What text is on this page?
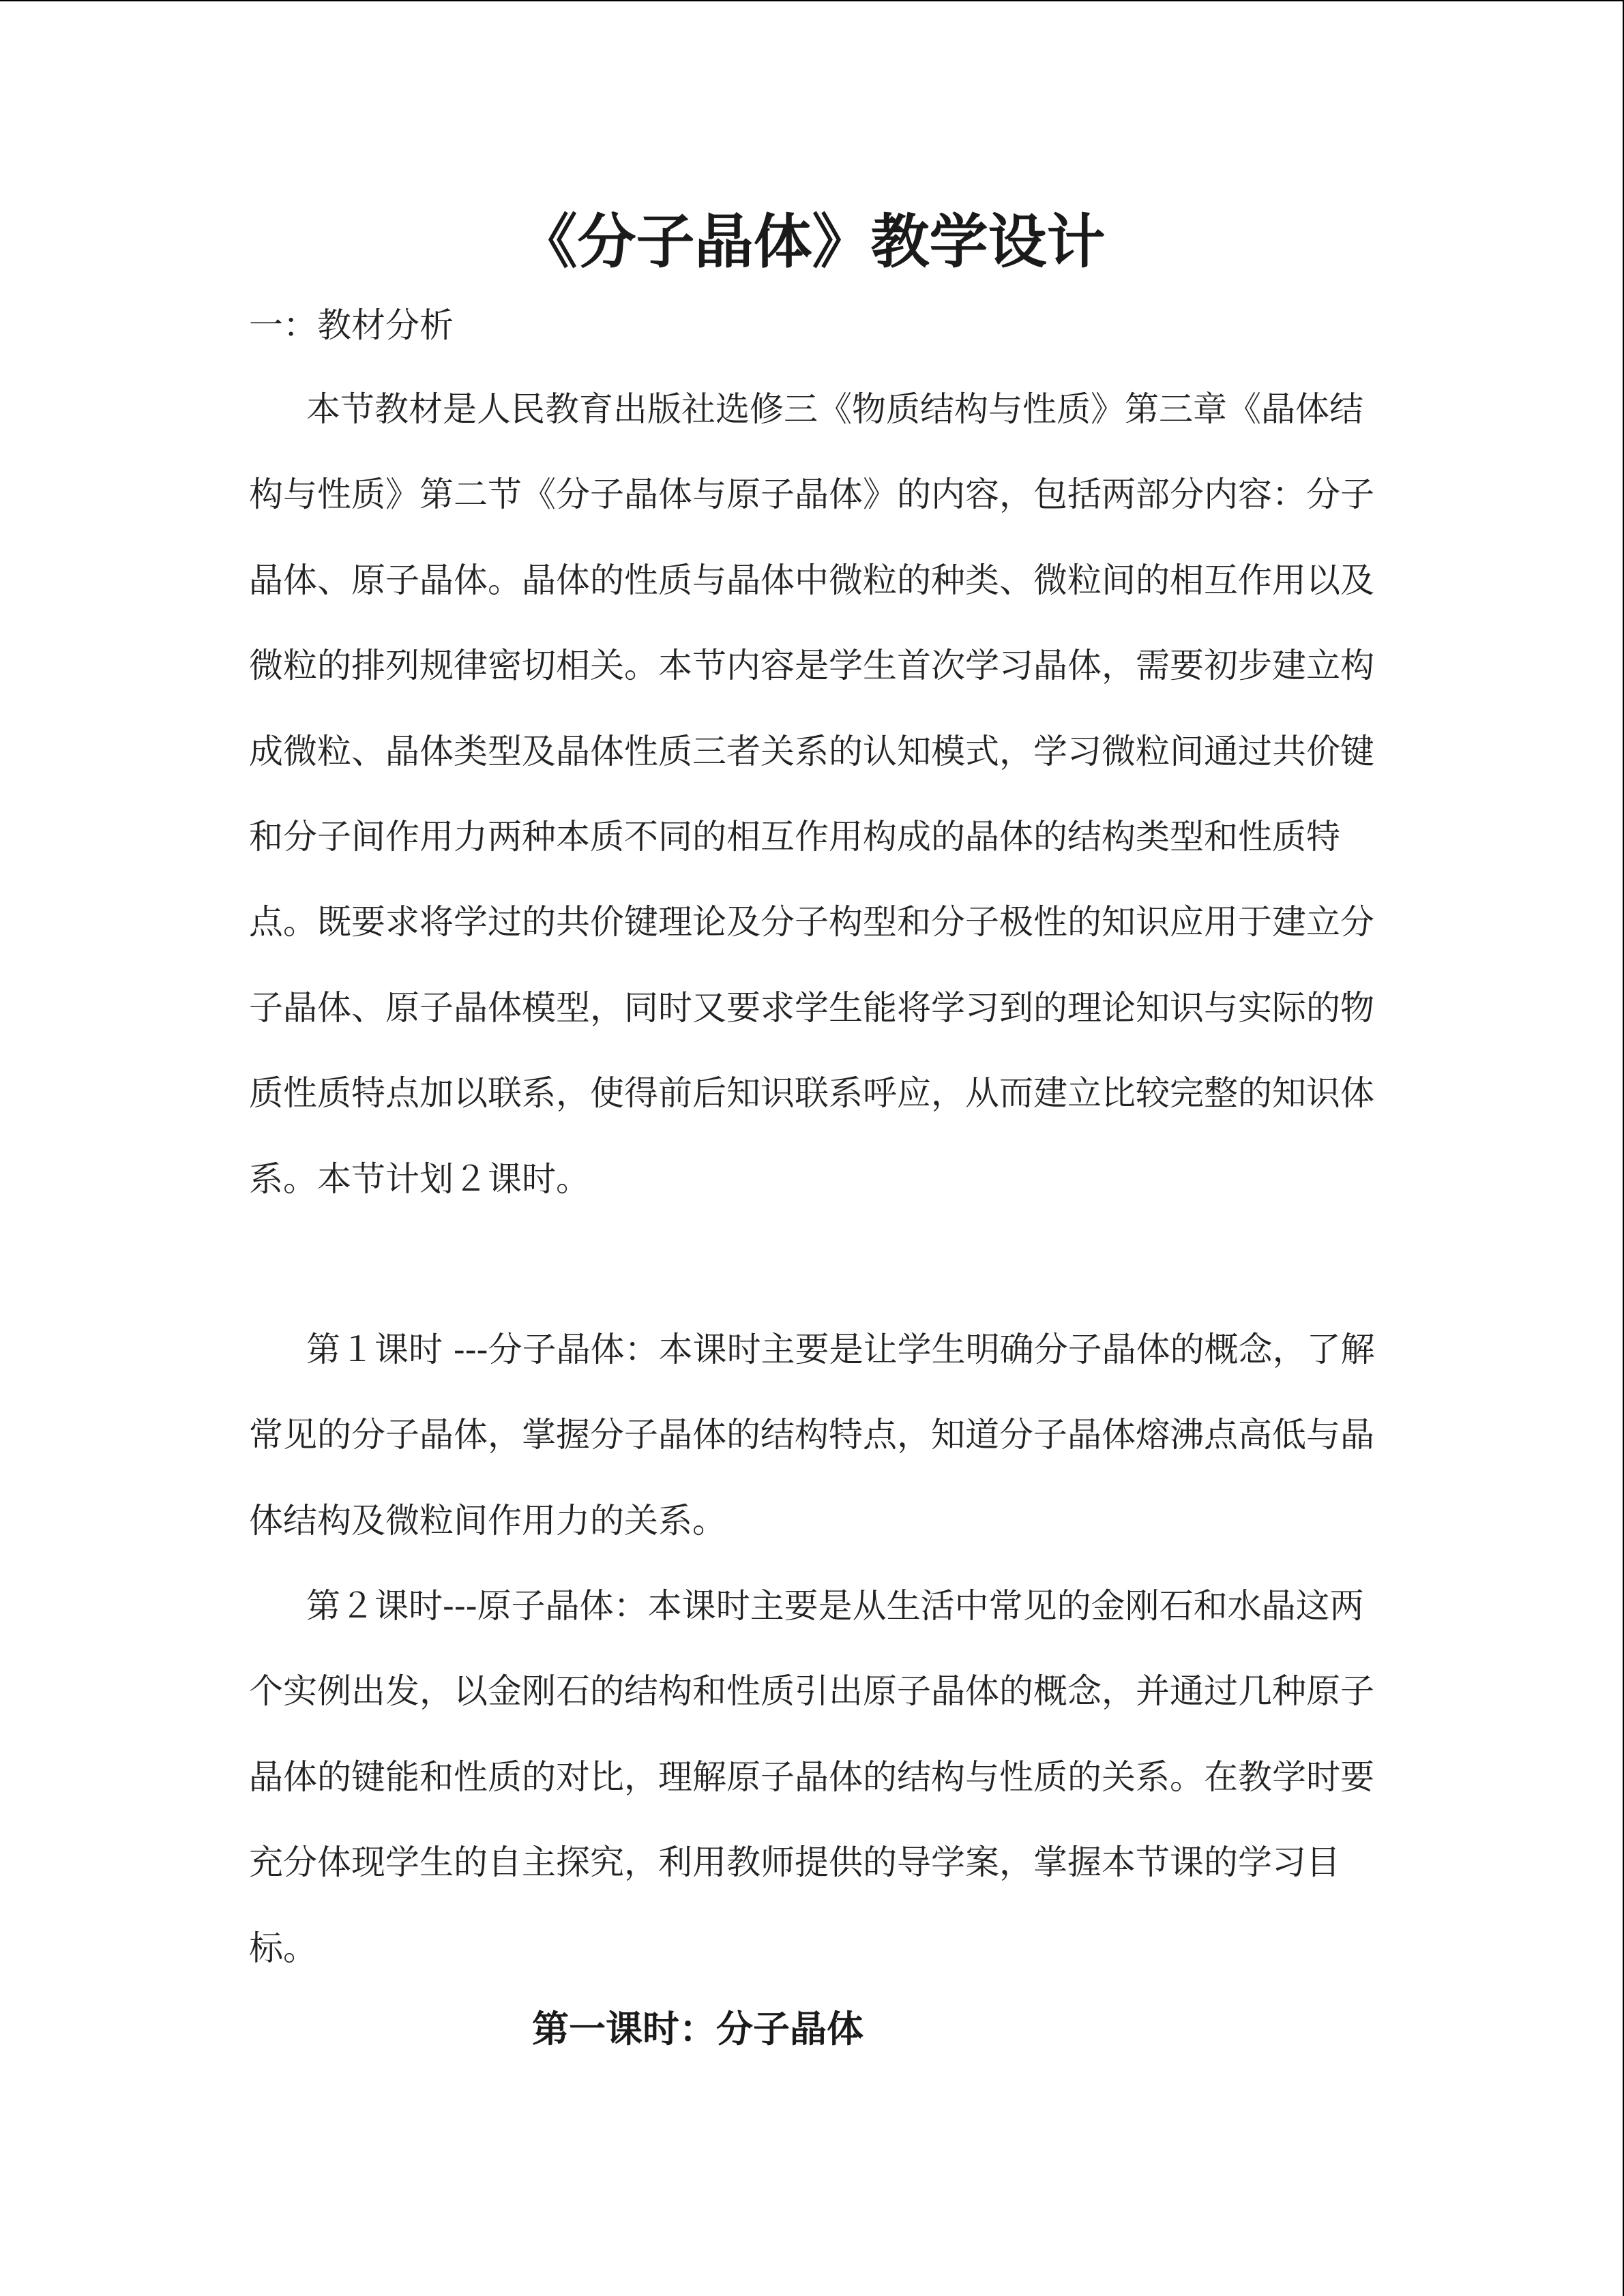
《分子晶体》教学设计
一：教材分析

本节教材是人民教育出版社选修三《物质结构与性质》第三章《晶体结构与性质》第二节《分子晶体与原子晶体》的内容，包括两部分内容：分子晶体、原子晶体。晶体的性质与晶体中微粒的种类、微粒间的相互作用以及微粒的排列规律密切相关。本节内容是学生首次学习晶体，需要初步建立构成微粒、晶体类型及晶体性质三者关系的认知模式，学习微粒间通过共价键和分子间作用力两种本质不同的相互作用构成的晶体的结构类型和性质特点。既要求将学过的共价键理论及分子构型和分子极性的知识应用于建立分子晶体、原子晶体模型，同时又要求学生能将学习到的理论知识与实际的物质性质特点加以联系，使得前后知识联系呼应，从而建立比较完整的知识体系。本节计划２课时。

第１课时 ---分子晶体：本课时主要是让学生明确分子晶体的概念，了解常见的分子晶体，掌握分子晶体的结构特点，知道分子晶体熔沸点高低与晶体结构及微粒间作用力的关系。

第２课时---原子晶体：本课时主要是从生活中常见的金刚石和水晶这两个实例出发，以金刚石的结构和性质引出原子晶体的概念，并通过几种原子晶体的键能和性质的对比，理解原子晶体的结构与性质的关系。在教学时要充分体现学生的自主探究，利用教师提供的导学案，掌握本节课的学习目标。

第一课时：分子晶体
